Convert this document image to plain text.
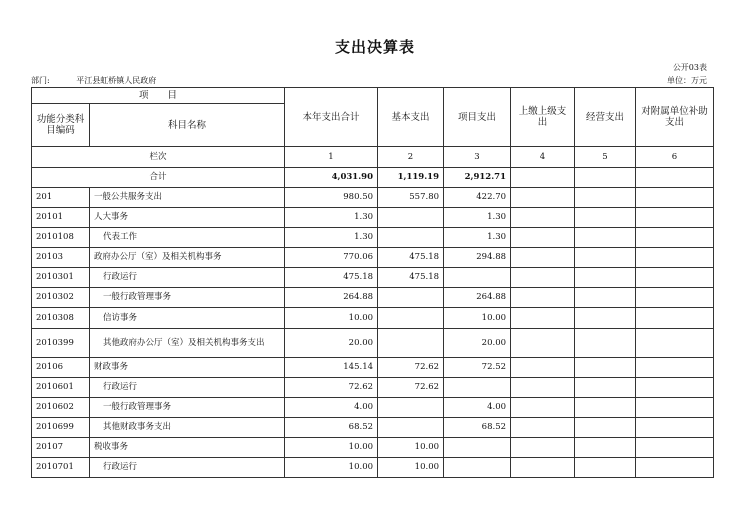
支出决算表
公开03表
部门:	平江县虹桥镇人民政府	单位：万元
项　　目		本年支出合计	基本支出	项目支出	上缴上级支出	经营支出	对附属单位补助支出
功能分类科目编码	科目名称						
栏次		1	2	3	4	5	6
合计		4,031.90	1,119.19	2,912.71			
201	一般公共服务支出	980.50	557.80	422.70			
20101	人大事务	1.30		1.30			
2010108	代表工作	1.30		1.30			
20103	政府办公厅（室）及相关机构事务	770.06	475.18	294.88			
2010301	行政运行	475.18	475.18				
2010302	一般行政管理事务	264.88		264.88			
2010308	信访事务	10.00		10.00			
2010399	其他政府办公厅（室）及相关机构事务支出	20.00		20.00			
20106	财政事务	145.14	72.62	72.52			
2010601	行政运行	72.62	72.62				
2010602	一般行政管理事务	4.00		4.00			
2010699	其他财政事务支出	68.52		68.52			
20107	税收事务	10.00	10.00				
2010701	行政运行	10.00	10.00				
